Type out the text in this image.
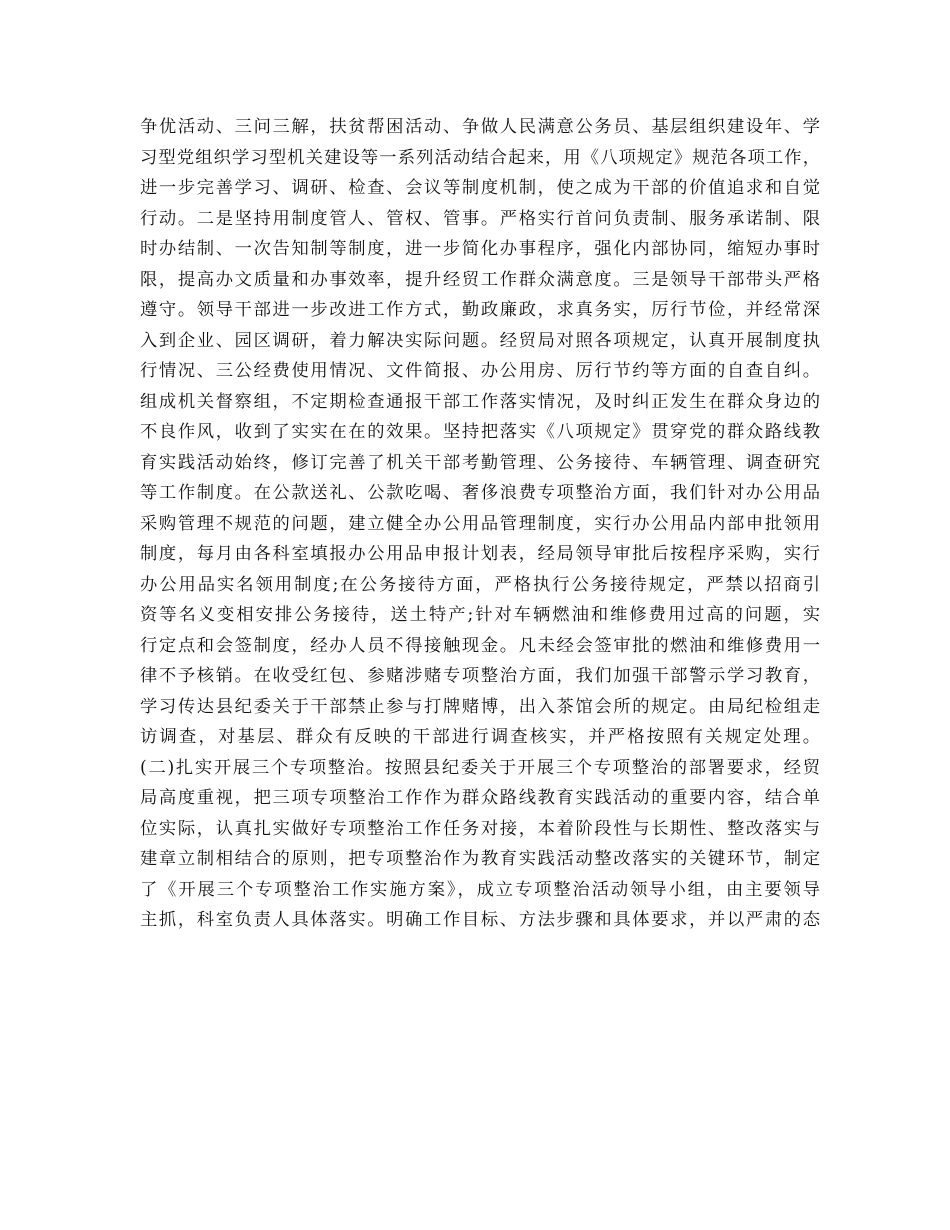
争优活动、三问三解，扶贫帮困活动、争做人民满意公务员、基层组织建设年、学
习型党组织学习型机关建设等一系列活动结合起来，用《八项规定》规范各项工作，
进一步完善学习、调研、检查、会议等制度机制，使之成为干部的价值追求和自觉
行动。二是坚持用制度管人、管权、管事。严格实行首问负责制、服务承诺制、限
时办结制、一次告知制等制度，进一步简化办事程序，强化内部协同，缩短办事时
限，提高办文质量和办事效率，提升经贸工作群众满意度。三是领导干部带头严格
遵守。领导干部进一步改进工作方式，勤政廉政，求真务实，厉行节俭，并经常深
入到企业、园区调研，着力解决实际问题。经贸局对照各项规定，认真开展制度执
行情况、三公经费使用情况、文件简报、办公用房、厉行节约等方面的自查自纠。
组成机关督察组，不定期检查通报干部工作落实情况，及时纠正发生在群众身边的
不良作风，收到了实实在在的效果。坚持把落实《八项规定》贯穿党的群众路线教
育实践活动始终，修订完善了机关干部考勤管理、公务接待、车辆管理、调查研究
等工作制度。在公款送礼、公款吃喝、奢侈浪费专项整治方面，我们针对办公用品
采购管理不规范的问题，建立健全办公用品管理制度，实行办公用品内部申批领用
制度，每月由各科室填报办公用品申报计划表，经局领导审批后按程序采购，实行
办公用品实名领用制度;在公务接待方面，严格执行公务接待规定，严禁以招商引
资等名义变相安排公务接待，送土特产;针对车辆燃油和维修费用过高的问题，实
行定点和会签制度，经办人员不得接触现金。凡未经会签审批的燃油和维修费用一
律不予核销。在收受红包、参赌涉赌专项整治方面，我们加强干部警示学习教育，
学习传达县纪委关于干部禁止参与打牌赌博，出入茶馆会所的规定。由局纪检组走
访调查，对基层、群众有反映的干部进行调查核实，并严格按照有关规定处理。
(二)扎实开展三个专项整治。按照县纪委关于开展三个专项整治的部署要求，经贸
局高度重视，把三项专项整治工作作为群众路线教育实践活动的重要内容，结合单
位实际，认真扎实做好专项整治工作任务对接，本着阶段性与长期性、整改落实与
建章立制相结合的原则，把专项整治作为教育实践活动整改落实的关键环节，制定
了《开展三个专项整治工作实施方案》，成立专项整治活动领导小组，由主要领导
主抓，科室负责人具体落实。明确工作目标、方法步骤和具体要求，并以严肃的态
